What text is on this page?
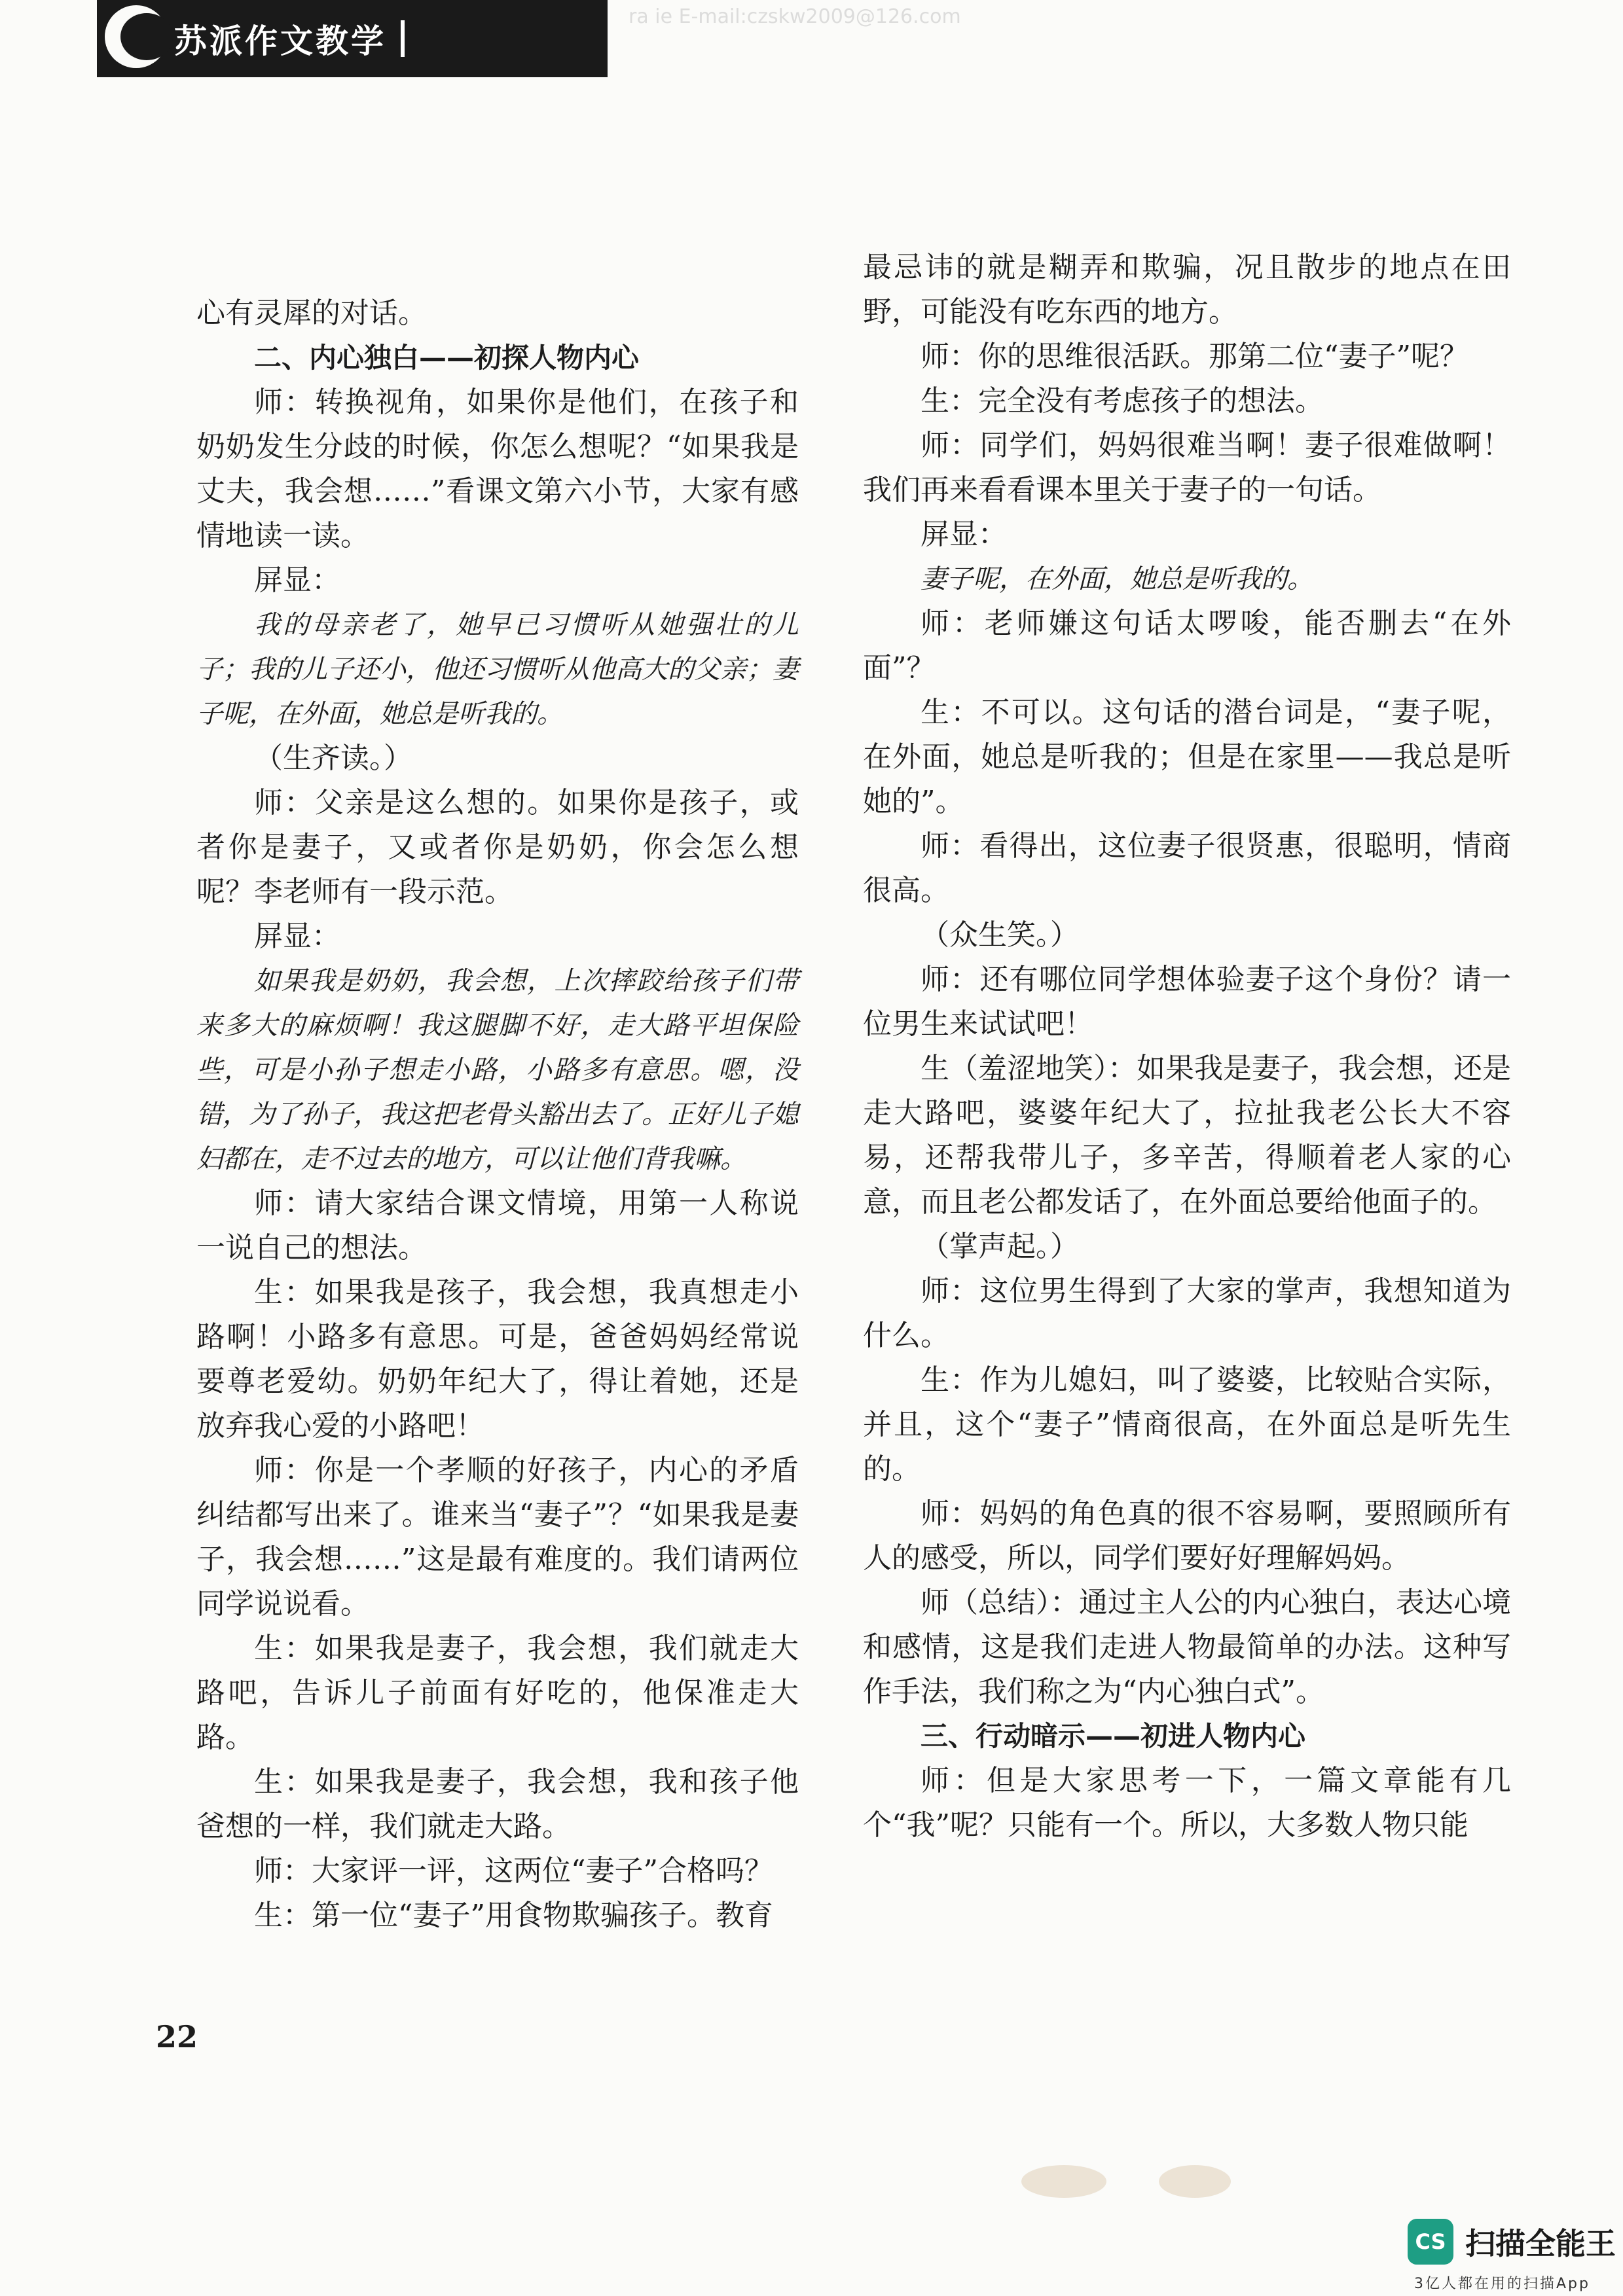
苏派作文教学
ra ie E-mail:czskw2009@126.com

心有灵犀的对话。

二、内心独白——初探人物内心

师：转换视角，如果你是他们，在孩子和奶奶发生分歧的时候，你怎么想呢？“如果我是丈夫，我会想……”看课文第六小节，大家有感情地读一读。

屏显：

我的母亲老了，她早已习惯听从她强壮的儿子；我的儿子还小，他还习惯听从他高大的父亲；妻子呢，在外面，她总是听我的。

（生齐读。）

师：父亲是这么想的。如果你是孩子，或者你是妻子，又或者你是奶奶，你会怎么想呢？李老师有一段示范。

屏显：

如果我是奶奶，我会想，上次摔跤给孩子们带来多大的麻烦啊！我这腿脚不好，走大路平坦保险些，可是小孙子想走小路，小路多有意思。嗯，没错，为了孙子，我这把老骨头豁出去了。正好儿子媳妇都在，走不过去的地方，可以让他们背我嘛。

师：请大家结合课文情境，用第一人称说一说自己的想法。

生：如果我是孩子，我会想，我真想走小路啊！小路多有意思。可是，爸爸妈妈经常说要尊老爱幼。奶奶年纪大了，得让着她，还是放弃我心爱的小路吧！

师：你是一个孝顺的好孩子，内心的矛盾纠结都写出来了。谁来当“妻子”？“如果我是妻子，我会想……”这是最有难度的。我们请两位同学说说看。

生：如果我是妻子，我会想，我们就走大路吧，告诉儿子前面有好吃的，他保准走大路。

生：如果我是妻子，我会想，我和孩子他爸想的一样，我们就走大路。

师：大家评一评，这两位“妻子”合格吗？

生：第一位“妻子”用食物欺骗孩子。教育

最忌讳的就是糊弄和欺骗，况且散步的地点在田野，可能没有吃东西的地方。

师：你的思维很活跃。那第二位“妻子”呢？

生：完全没有考虑孩子的想法。

师：同学们，妈妈很难当啊！妻子很难做啊！我们再来看看课本里关于妻子的一句话。

屏显：

妻子呢，在外面，她总是听我的。

师：老师嫌这句话太啰唆，能否删去“在外面”？

生：不可以。这句话的潜台词是，“妻子呢，在外面，她总是听我的；但是在家里——我总是听她的”。

师：看得出，这位妻子很贤惠，很聪明，情商很高。

（众生笑。）

师：还有哪位同学想体验妻子这个身份？请一位男生来试试吧！

生（羞涩地笑）：如果我是妻子，我会想，还是走大路吧，婆婆年纪大了，拉扯我老公长大不容易，还帮我带儿子，多辛苦，得顺着老人家的心意，而且老公都发话了，在外面总要给他面子的。

（掌声起。）

师：这位男生得到了大家的掌声，我想知道为什么。

生：作为儿媳妇，叫了婆婆，比较贴合实际，并且，这个“妻子”情商很高，在外面总是听先生的。

师：妈妈的角色真的很不容易啊，要照顾所有人的感受，所以，同学们要好好理解妈妈。

师（总结）：通过主人公的内心独白，表达心境和感情，这是我们走进人物最简单的办法。这种写作手法，我们称之为“内心独白式”。

三、行动暗示——初进人物内心

师：但是大家思考一下，一篇文章能有几个“我”呢？只能有一个。所以，大多数人物只能

22
CS 扫描全能王
3亿人都在用的扫描App
